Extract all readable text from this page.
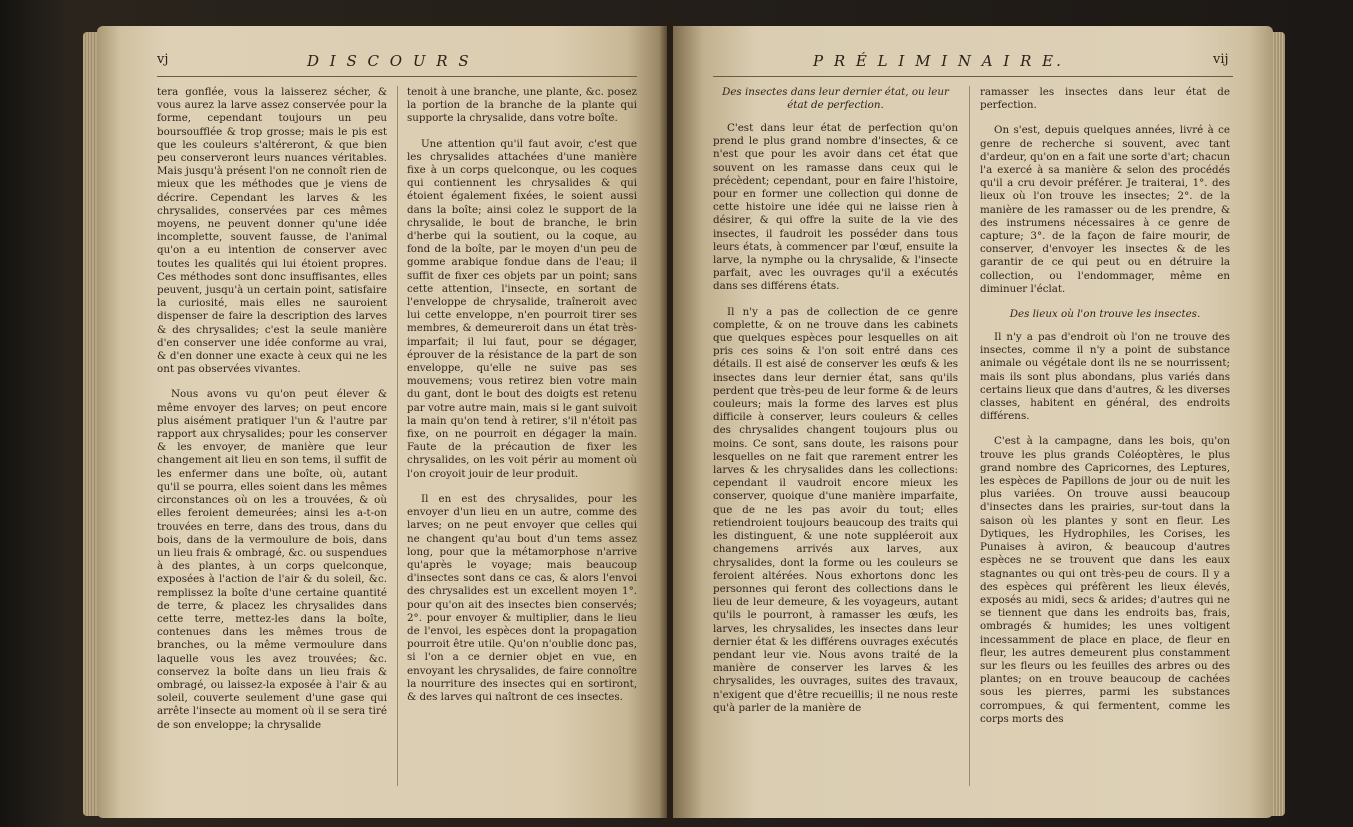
vj	D I S C O U R S

tera gonflée, vous la laisserez sécher, & vous aurez la larve assez conservée pour la forme, cependant toujours un peu boursoufflée & trop grosse; mais le pis est que les couleurs s'altéreront, & que bien peu conserveront leurs nuances véritables. Mais jusqu'à présent l'on ne connoît rien de mieux que les méthodes que je viens de décrire. Cependant les larves & les chrysalides, conservées par ces mêmes moyens, ne peuvent donner qu'une idée incomplette, souvent fausse, de l'animal qu'on a eu intention de conserver avec toutes les qualités qui lui étoient propres. Ces méthodes sont donc insuffisantes, elles peuvent, jusqu'à un certain point, satisfaire la curiosité, mais elles ne sauroient dispenser de faire la description des larves & des chrysalides; c'est la seule manière d'en conserver une idée conforme au vrai, & d'en donner une exacte à ceux qui ne les ont pas observées vivantes.

Nous avons vu qu'on peut élever & même envoyer des larves; on peut encore plus aisément pratiquer l'un & l'autre par rapport aux chrysalides; pour les conserver & les envoyer, de manière que leur changement ait lieu en son tems, il suffit de les enfermer dans une boîte, où, autant qu'il se pourra, elles soient dans les mêmes circonstances où on les a trouvées, & où elles feroient demeurées; ainsi les a-t-on trouvées en terre, dans des trous, dans du bois, dans de la vermoulure de bois, dans un lieu frais & ombragé, &c. ou suspendues à des plantes, à un corps quelconque, exposées à l'action de l'air & du soleil, &c. remplissez la boîte d'une certaine quantité de terre, & placez les chrysalides dans cette terre, mettez-les dans la boîte, contenues dans les mêmes trous de branches, ou la même vermoulure dans laquelle vous les avez trouvées; &c. conservez la boîte dans un lieu frais & ombragé, ou laissez-la exposée à l'air & au soleil, couverte seulement d'une gase qui arrête l'insecte au moment où il se sera tiré de son enveloppe; la chrysalide

tenoit à une branche, une plante, &c. posez la portion de la branche de la plante qui supporte la chrysalide, dans votre boîte.

Une attention qu'il faut avoir, c'est que les chrysalides attachées d'une manière fixe à un corps quelconque, ou les coques qui contiennent les chrysalides & qui étoient également fixées, le soient aussi dans la boîte; ainsi colez le support de la chrysalide, le bout de branche, le brin d'herbe qui la soutient, ou la coque, au fond de la boîte, par le moyen d'un peu de gomme arabique fondue dans de l'eau; il suffit de fixer ces objets par un point; sans cette attention, l'insecte, en sortant de l'enveloppe de chrysalide, traîneroit avec lui cette enveloppe, n'en pourroit tirer ses membres, & demeureroit dans un état très-imparfait; il lui faut, pour se dégager, éprouver de la résistance de la part de son enveloppe, qu'elle ne suive pas ses mouvemens; vous retirez bien votre main du gant, dont le bout des doigts est retenu par votre autre main, mais si le gant suivoit la main qu'on tend à retirer, s'il n'étoit pas fixe, on ne pourroit en dégager la main. Faute de la précaution de fixer les chrysalides, on les voit périr au moment où l'on croyoit jouir de leur produit.

Il en est des chrysalides, pour les envoyer d'un lieu en un autre, comme des larves; on ne peut envoyer que celles qui ne changent qu'au bout d'un tems assez long, pour que la métamorphose n'arrive qu'après le voyage; mais beaucoup d'insectes sont dans ce cas, & alors l'envoi des chrysalides est un excellent moyen 1°. pour qu'on ait des insectes bien conservés; 2°. pour envoyer & multiplier, dans le lieu de l'envoi, les espèces dont la propagation pourroit être utile. Qu'on n'oublie donc pas, si l'on a ce dernier objet en vue, en envoyant les chrysalides, de faire connoître la nourriture des insectes qui en sortiront, & des larves qui naîtront de ces insectes.

P R É L I M I N A I R E.	vij
Des insectes dans leur dernier état, ou leur état de perfection.

C'est dans leur état de perfection qu'on prend le plus grand nombre d'insectes, & ce n'est que pour les avoir dans cet état que souvent on les ramasse dans ceux qui le précèdent; cependant, pour en faire l'histoire, pour en former une collection qui donne de cette histoire une idée qui ne laisse rien à désirer, & qui offre la suite de la vie des insectes, il faudroit les posséder dans tous leurs états, à commencer par l'œuf, ensuite la larve, la nymphe ou la chrysalide, & l'insecte parfait, avec les ouvrages qu'il a exécutés dans ses différens états.

Il n'y a pas de collection de ce genre complette, & on ne trouve dans les cabinets que quelques espèces pour lesquelles on ait pris ces soins & l'on soit entré dans ces détails. Il est aisé de conserver les œufs & les insectes dans leur dernier état, sans qu'ils perdent que très-peu de leur forme & de leurs couleurs; mais la forme des larves est plus difficile à conserver, leurs couleurs & celles des chrysalides changent toujours plus ou moins. Ce sont, sans doute, les raisons pour lesquelles on ne fait que rarement entrer les larves & les chrysalides dans les collections: cependant il vaudroit encore mieux les conserver, quoique d'une manière imparfaite, que de ne les pas avoir du tout; elles retiendroient toujours beaucoup des traits qui les distinguent, & une note suppléeroit aux changemens arrivés aux larves, aux chrysalides, dont la forme ou les couleurs se feroient altérées. Nous exhortons donc les personnes qui feront des collections dans le lieu de leur demeure, & les voyageurs, autant qu'ils le pourront, à ramasser les œufs, les larves, les chrysalides, les insectes dans leur dernier état & les différens ouvrages exécutés pendant leur vie. Nous avons traité de la manière de conserver les larves & les chrysalides, les ouvrages, suites des travaux, n'exigent que d'être recueillis; il ne nous reste qu'à parler de la manière de

ramasser les insectes dans leur état de perfection.

On s'est, depuis quelques années, livré à ce genre de recherche si souvent, avec tant d'ardeur, qu'on en a fait une sorte d'art; chacun l'a exercé à sa manière & selon des procédés qu'il a cru devoir préférer. Je traiterai, 1°. des lieux où l'on trouve les insectes; 2°. de la manière de les ramasser ou de les prendre, & des instrumens nécessaires à ce genre de capture; 3°. de la façon de faire mourir, de conserver, d'envoyer les insectes & de les garantir de ce qui peut ou en détruire la collection, ou l'endommager, même en diminuer l'éclat.

Des lieux où l'on trouve les insectes.

Il n'y a pas d'endroit où l'on ne trouve des insectes, comme il n'y a point de substance animale ou végétale dont ils ne se nourrissent; mais ils sont plus abondans, plus variés dans certains lieux que dans d'autres, & les diverses classes, habitent en général, des endroits différens.

C'est à la campagne, dans les bois, qu'on trouve les plus grands Coléoptères, le plus grand nombre des Capricornes, des Leptures, les espèces de Papillons de jour ou de nuit les plus variées. On trouve aussi beaucoup d'insectes dans les prairies, sur-tout dans la saison où les plantes y sont en fleur. Les Dytiques, les Hydrophiles, les Corises, les Punaises à aviron, & beaucoup d'autres espèces ne se trouvent que dans les eaux stagnantes ou qui ont très-peu de cours. Il y a des espèces qui préfèrent les lieux élevés, exposés au midi, secs & arides; d'autres qui ne se tiennent que dans les endroits bas, frais, ombragés & humides; les unes voltigent incessamment de place en place, de fleur en fleur, les autres demeurent plus constamment sur les fleurs ou les feuilles des arbres ou des plantes; on en trouve beaucoup de cachées sous les pierres, parmi les substances corrompues, & qui fermentent, comme les corps morts des
